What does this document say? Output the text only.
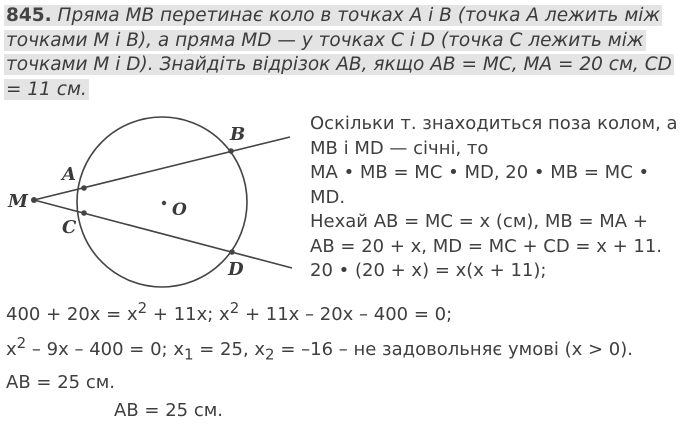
845. Пряма MB перетинає коло в точках A і B (точка A лежить між
точками M і B), а пряма MD — у точках C і D (точка C лежить між
точками M і D). Знайдіть відрізок AB, якщо AB = MC, MA = 20 см, CD
= 11 см.
M
A
B
C
D
O
Оскільки т. знаходиться поза колом, а
MB і MD — січні, то
MA • MB = MC • MD, 20 • MB = MC •
MD.
Нехай AB = MC = x (см), MB = MA +
AB = 20 + x, MD = MC + CD = x + 11.
20 • (20 + x) = x(x + 11);
$400 + 20x = x^2 + 11x$; $x^2 + 11x - 20x - 400 = 0$;
$x^2 - 9x - 400 = 0$; $x_1 = 25$, $x_2 = -16$ – не задовольняє умові (x > 0).
AB = 25 см.
AB = 25 см.
